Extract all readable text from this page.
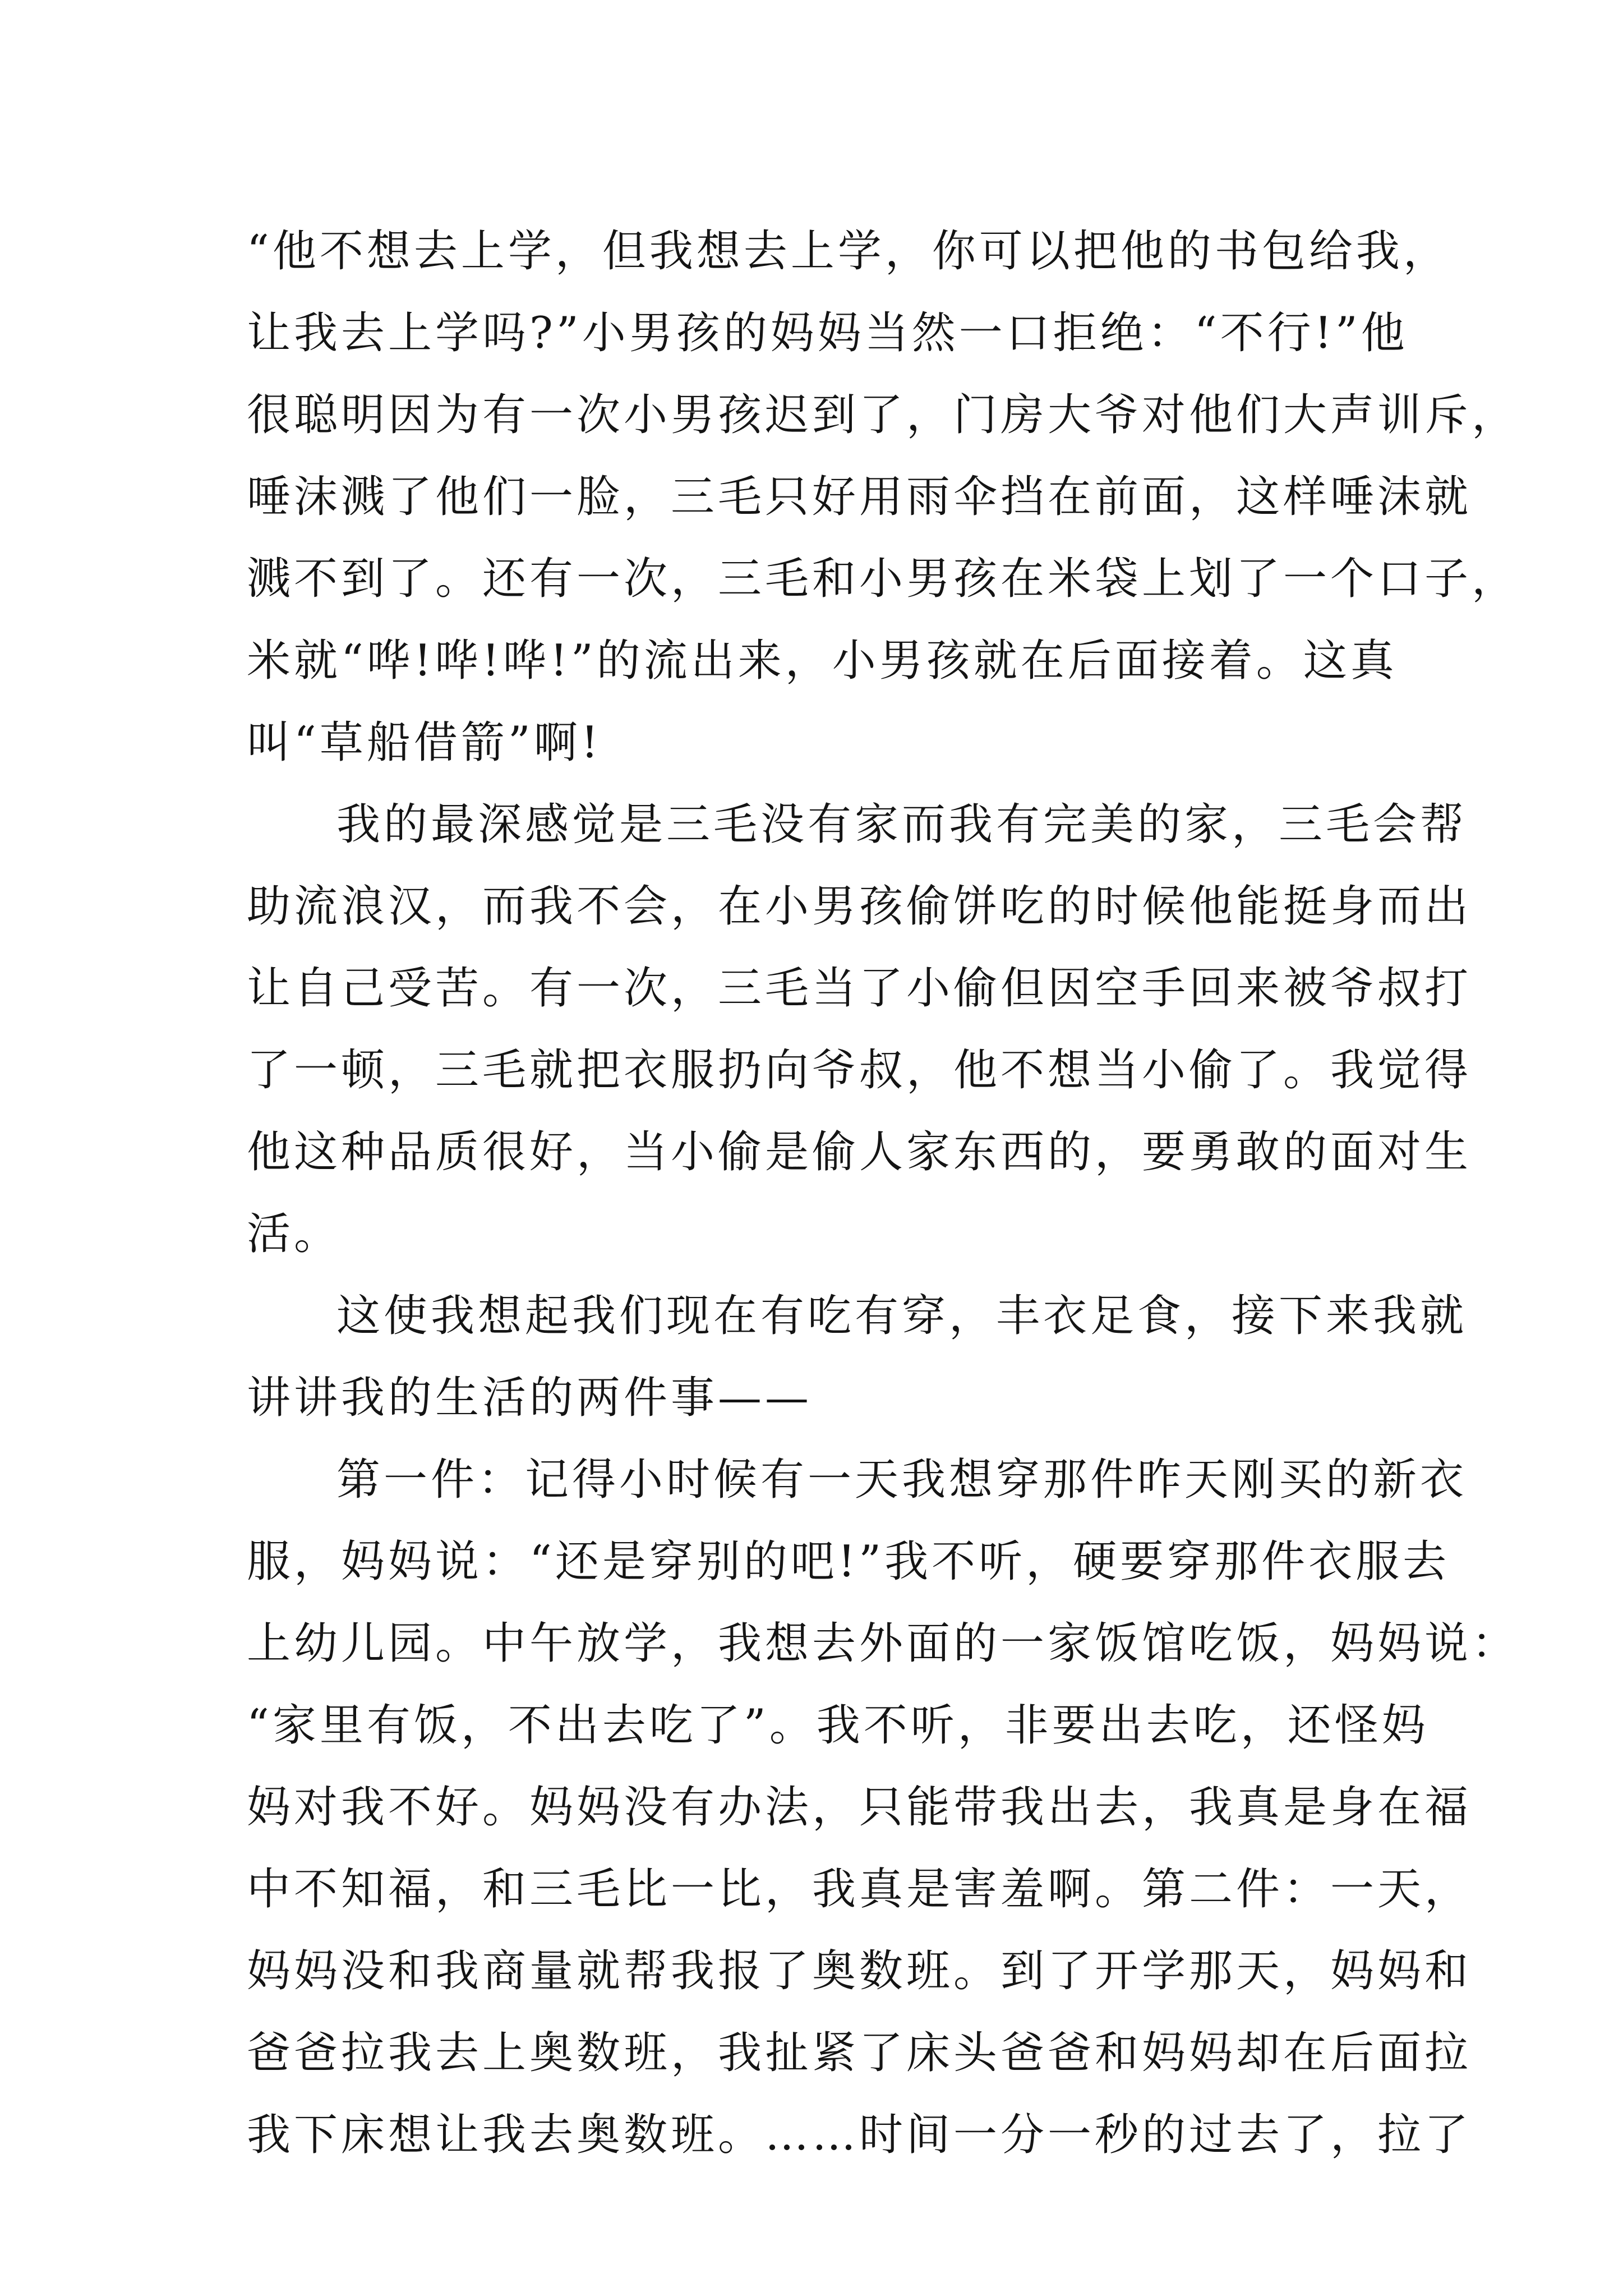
“他不想去上学，但我想去上学，你可以把他的书包给我，
让我去上学吗?”小男孩的妈妈当然一口拒绝：“不行!”他
很聪明因为有一次小男孩迟到了，门房大爷对他们大声训斥，
唾沫溅了他们一脸，三毛只好用雨伞挡在前面，这样唾沫就
溅不到了。还有一次，三毛和小男孩在米袋上划了一个口子，
米就“哗!哗!哗!”的流出来，小男孩就在后面接着。这真
叫“草船借箭”啊!
我的最深感觉是三毛没有家而我有完美的家，三毛会帮
助流浪汉，而我不会，在小男孩偷饼吃的时候他能挺身而出
让自己受苦。有一次，三毛当了小偷但因空手回来被爷叔打
了一顿，三毛就把衣服扔向爷叔，他不想当小偷了。我觉得
他这种品质很好，当小偷是偷人家东西的，要勇敢的面对生
活。
这使我想起我们现在有吃有穿，丰衣足食，接下来我就
讲讲我的生活的两件事——
第一件：记得小时候有一天我想穿那件昨天刚买的新衣
服，妈妈说：“还是穿别的吧!”我不听，硬要穿那件衣服去
上幼儿园。中午放学，我想去外面的一家饭馆吃饭，妈妈说：
“家里有饭，不出去吃了”。我不听，非要出去吃，还怪妈
妈对我不好。妈妈没有办法，只能带我出去，我真是身在福
中不知福，和三毛比一比，我真是害羞啊。第二件：一天，
妈妈没和我商量就帮我报了奥数班。到了开学那天，妈妈和
爸爸拉我去上奥数班，我扯紧了床头爸爸和妈妈却在后面拉
我下床想让我去奥数班。……时间一分一秒的过去了，拉了
